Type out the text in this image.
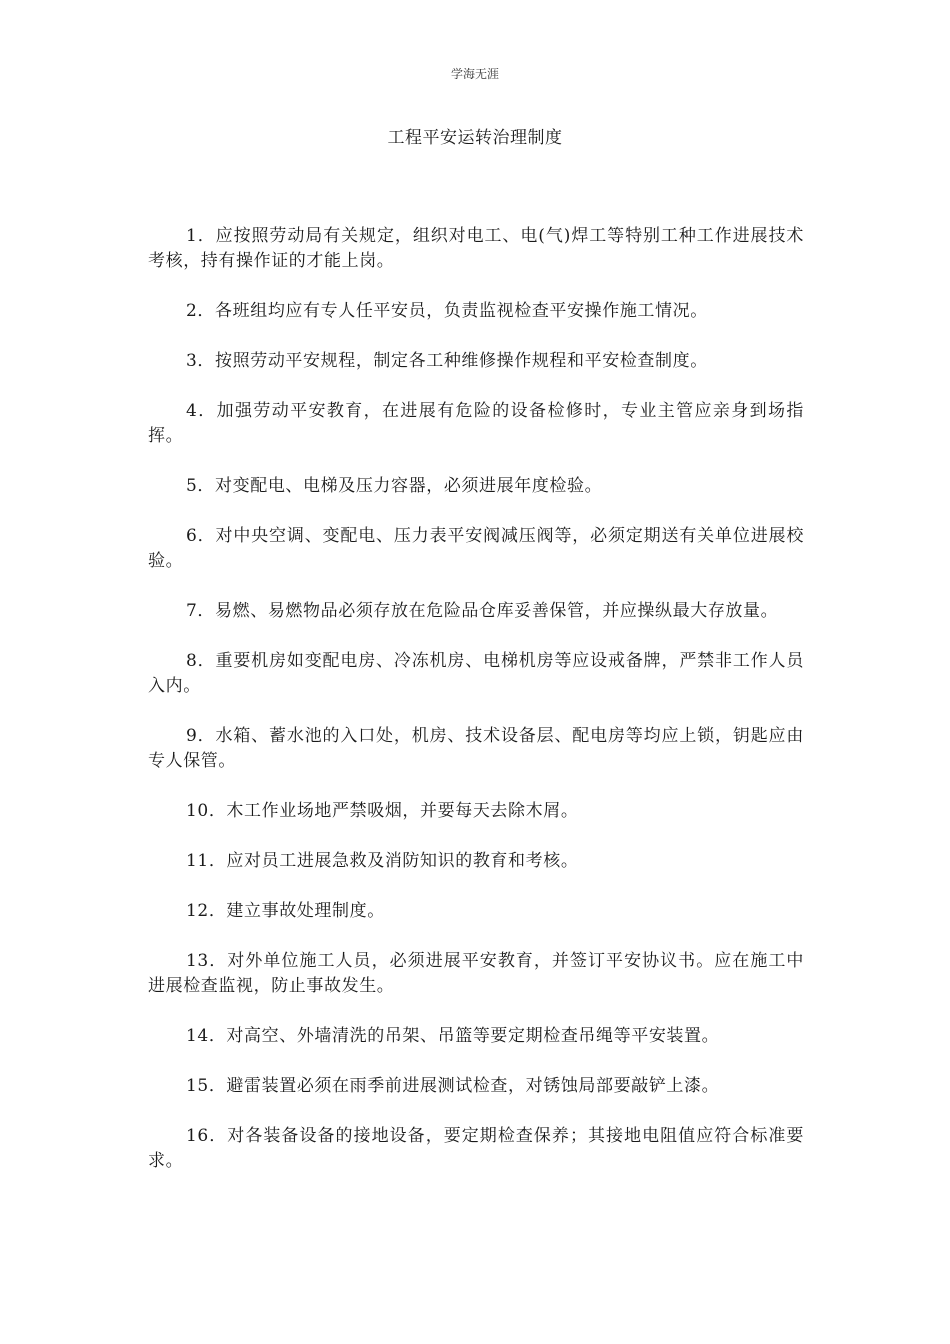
学海无涯
工程平安运转治理制度

1．应按照劳动局有关规定，组织对电工、电(气)焊工等特别工种工作进展技术考核，持有操作证的才能上岗。

2．各班组均应有专人任平安员，负责监视检查平安操作施工情况。

3．按照劳动平安规程，制定各工种维修操作规程和平安检查制度。

4．加强劳动平安教育，在进展有危险的设备检修时，专业主管应亲身到场指挥。

5．对变配电、电梯及压力容器，必须进展年度检验。

6．对中央空调、变配电、压力表平安阀减压阀等，必须定期送有关单位进展校验。

7．易燃、易燃物品必须存放在危险品仓库妥善保管，并应操纵最大存放量。

8．重要机房如变配电房、冷冻机房、电梯机房等应设戒备牌，严禁非工作人员入内。

9．水箱、蓄水池的入口处，机房、技术设备层、配电房等均应上锁，钥匙应由专人保管。

10．木工作业场地严禁吸烟，并要每天去除木屑。

11．应对员工进展急救及消防知识的教育和考核。

12．建立事故处理制度。

13．对外单位施工人员，必须进展平安教育，并签订平安协议书。应在施工中进展检查监视，防止事故发生。

14．对高空、外墙清洗的吊架、吊篮等要定期检查吊绳等平安装置。

15．避雷装置必须在雨季前进展测试检查，对锈蚀局部要敲铲上漆。

16．对各装备设备的接地设备，要定期检查保养；其接地电阻值应符合标准要求。
